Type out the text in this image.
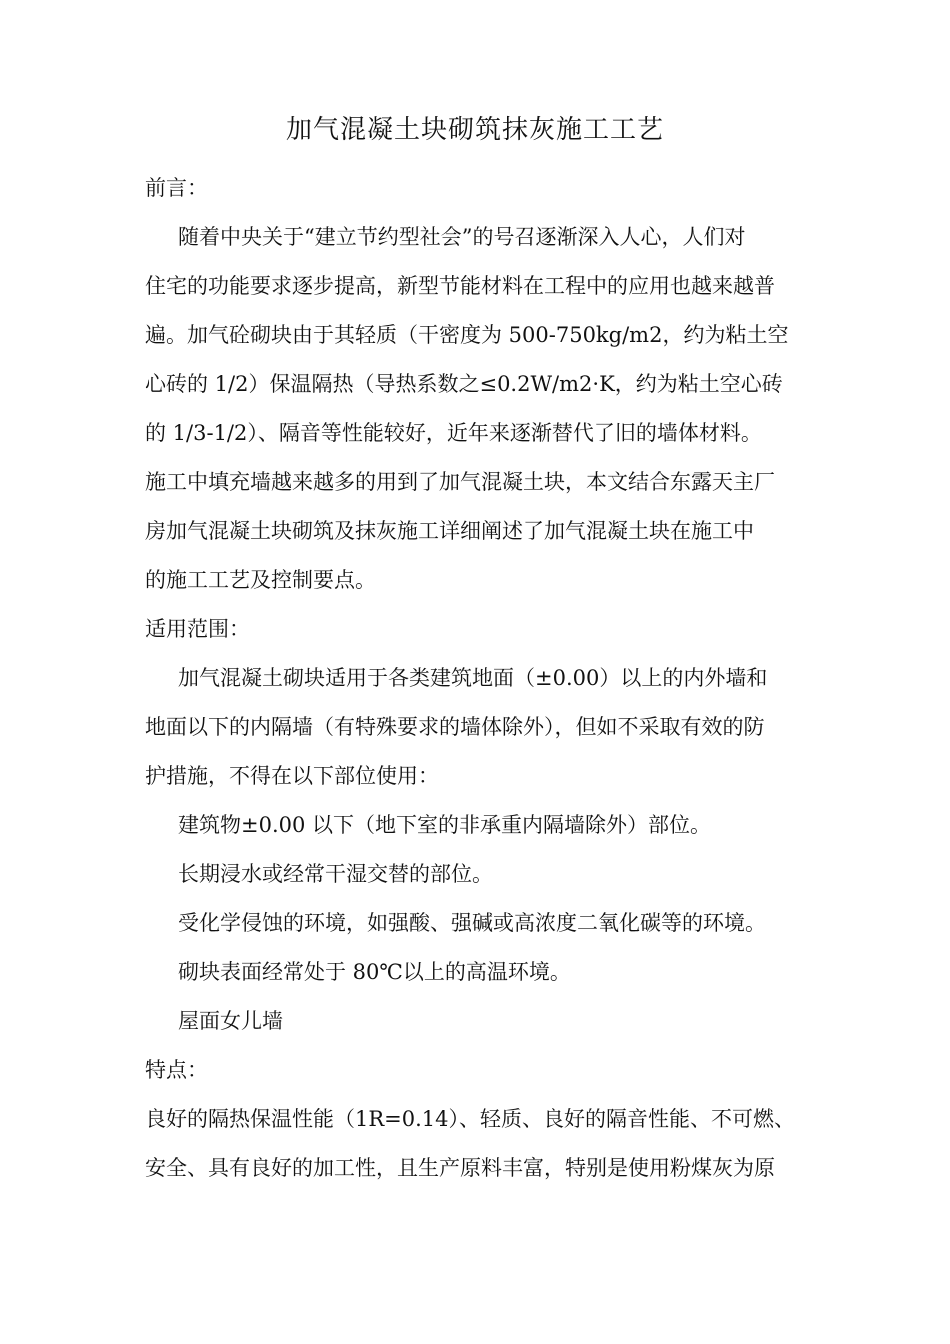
加气混凝土块砌筑抹灰施工工艺
前言：
随着中央关于“建立节约型社会”的号召逐渐深入人心，人们对
住宅的功能要求逐步提高，新型节能材料在工程中的应用也越来越普
遍。加气砼砌块由于其轻质（干密度为 500-750kg/m2，约为粘土空
心砖的 1/2）保温隔热（导热系数之≤0.2W/m2·K，约为粘土空心砖
的 1/3-1/2）、隔音等性能较好，近年来逐渐替代了旧的墙体材料。
施工中填充墙越来越多的用到了加气混凝土块，本文结合东露天主厂
房加气混凝土块砌筑及抹灰施工详细阐述了加气混凝土块在施工中
的施工工艺及控制要点。
适用范围：
加气混凝土砌块适用于各类建筑地面（±0.00）以上的内外墙和
地面以下的内隔墙（有特殊要求的墙体除外），但如不采取有效的防
护措施，不得在以下部位使用：
建筑物±0.00 以下（地下室的非承重内隔墙除外）部位。
长期浸水或经常干湿交替的部位。
受化学侵蚀的环境，如强酸、强碱或高浓度二氧化碳等的环境。
砌块表面经常处于 80℃以上的高温环境。
屋面女儿墙
特点：
良好的隔热保温性能（1R=0.14）、轻质、良好的隔音性能、不可燃、
安全、具有良好的加工性，且生产原料丰富，特别是使用粉煤灰为原
